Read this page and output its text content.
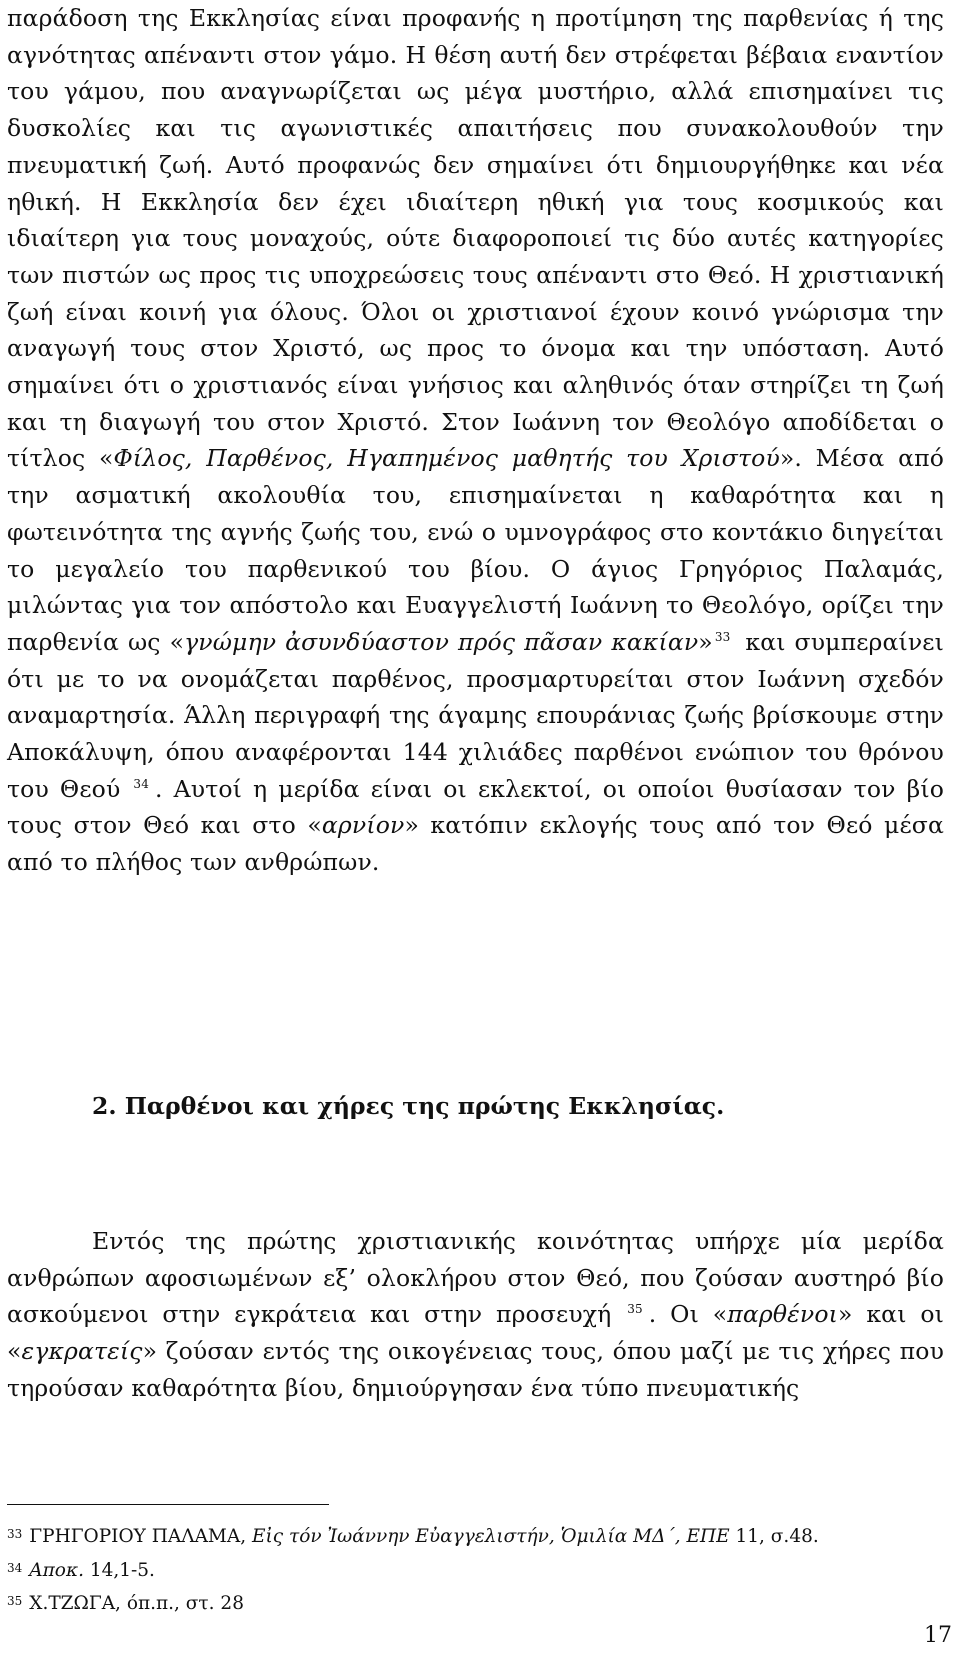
παράδοση της Εκκλησίας είναι προφανής η προτίμηση της παρθενίας ή της αγνότητας απέναντι στον γάμο. Η θέση αυτή δεν στρέφεται βέβαια εναντίον του γάμου, που αναγνωρίζεται ως μέγα μυστήριο, αλλά επισημαίνει τις δυσκολίες και τις αγωνιστικές απαιτήσεις που συνακολουθούν την πνευματική ζωή. Αυτό προφανώς δεν σημαίνει ότι δημιουργήθηκε και νέα ηθική. Η Εκκλησία δεν έχει ιδιαίτερη ηθική για τους κοσμικούς και ιδιαίτερη για τους μοναχούς, ούτε διαφοροποιεί τις δύο αυτές κατηγορίες των πιστών ως προς τις υποχρεώσεις τους απέναντι στο Θεό. Η χριστιανική ζωή είναι κοινή για όλους. Όλοι οι χριστιανοί έχουν κοινό γνώρισμα την αναγωγή τους στον Χριστό, ως προς το όνομα και την υπόσταση. Αυτό σημαίνει ότι ο χριστιανός είναι γνήσιος και αληθινός όταν στηρίζει τη ζωή και τη διαγωγή του στον Χριστό. Στον Ιωάννη τον Θεολόγο αποδίδεται ο τίτλος «Φίλος, Παρθένος, Ηγαπημένος μαθητής του Χριστού». Μέσα από την ασματική ακολουθία του, επισημαίνεται η καθαρότητα και η φωτεινότητα της αγνής ζωής του, ενώ ο υμνογράφος στο κοντάκιο διηγείται το μεγαλείο του παρθενικού του βίου. Ο άγιος Γρηγόριος Παλαμάς, μιλώντας για τον απόστολο και Ευαγγελιστή Ιωάννη το Θεολόγο, ορίζει την παρθενία ως «γνώμην ἀσυνδύαστον πρός πᾶσαν κακίαν» $^{33}$ και συμπεραίνει ότι με το να ονομάζεται παρθένος, προσμαρτυρείται στον Ιωάννη σχεδόν αναμαρτησία. Άλλη περιγραφή της άγαμης επουράνιας ζωής βρίσκουμε στην Αποκάλυψη, όπου αναφέρονται 144 χιλιάδες παρθένοι ενώπιον του θρόνου του Θεού $^{34}$ . Αυτοί η μερίδα είναι οι εκλεκτοί, οι οποίοι θυσίασαν τον βίο τους στον Θεό και στο «αρνίον» κατόπιν εκλογής τους από τον Θεό μέσα από το πλήθος των ανθρώπων.
2. Παρθένοι και χήρες της πρώτης Εκκλησίας.
Εντός της πρώτης χριστιανικής κοινότητας υπήρχε μία μερίδα ανθρώπων αφοσιωμένων εξ’ ολοκλήρου στον Θεό, που ζούσαν αυστηρό βίο ασκούμενοι στην εγκράτεια και στην προσευχή $^{35}$ . Οι «παρθένοι» και οι «εγκρατείς» ζούσαν εντός της οικογένειας τους, όπου μαζί με τις χήρες που τηρούσαν καθαρότητα βίου, δημιούργησαν ένα τύπο πνευματικής
$^{33}$ ΓΡΗΓΟΡΙΟΥ ΠΑΛΑΜΑ, Εἰς τόν Ἰωάννην Εὐαγγελιστήν, Ὁμιλία ΜΔ΄, ΕΠΕ 11, σ.48.
$^{34}$ Αποκ. 14,1-5.
$^{35}$ Χ.ΤΖΩΓΑ, όπ.π., στ. 28
17
